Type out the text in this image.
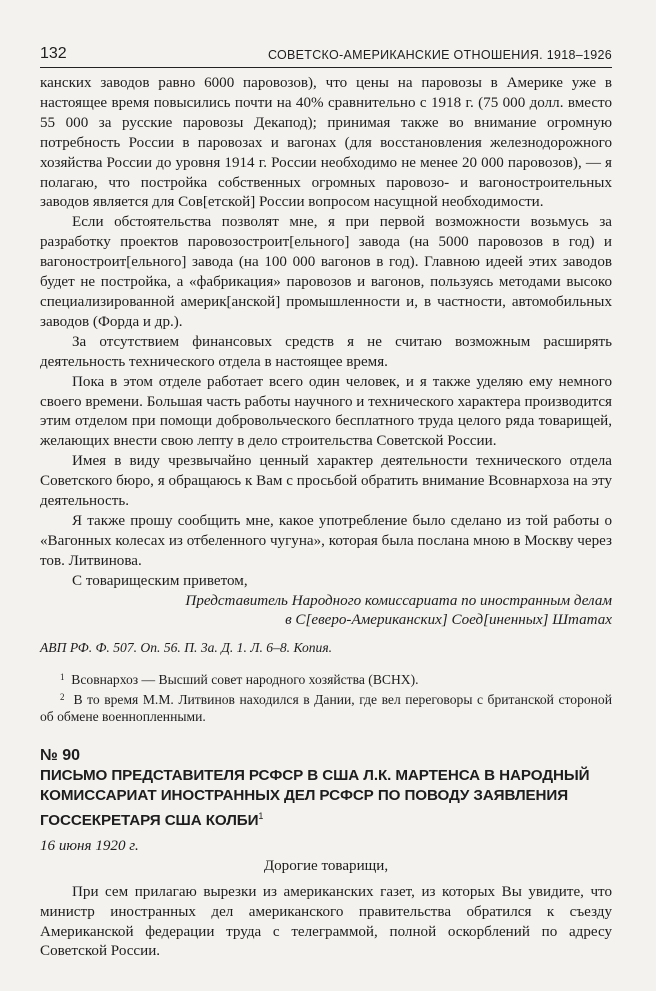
132	СОВЕТСКО-АМЕРИКАНСКИЕ ОТНОШЕНИЯ. 1918–1926

канских заводов равно 6000 паровозов), что цены на паровозы в Америке уже в настоящее время повысились почти на 40% сравнительно с 1918 г. (75 000 долл. вместо 55 000 за русские паровозы Декапод); принимая также во внимание огромную потребность России в паровозах и вагонах (для восстановления железнодорожного хозяйства России до уровня 1914 г. России необходимо не менее 20 000 паровозов), — я полагаю, что постройка собственных огромных паровозо- и вагоностроительных заводов является для Сов[етской] России вопросом насущной необходимости.

Если обстоятельства позволят мне, я при первой возможности возьмусь за разработку проектов паровозостроит[ельного] завода (на 5000 паровозов в год) и вагоностроит[ельного] завода (на 100 000 вагонов в год). Главною идеей этих заводов будет не постройка, а «фабрикация» паровозов и вагонов, пользуясь методами высоко специализированной америк[анской] промышленности и, в частности, автомобильных заводов (Форда и др.).

За отсутствием финансовых средств я не считаю возможным расширять деятельность технического отдела в настоящее время.

Пока в этом отделе работает всего один человек, и я также уделяю ему немного своего времени. Большая часть работы научного и технического характера производится этим отделом при помощи добровольческого бесплатного труда целого ряда товарищей, желающих внести свою лепту в дело строительства Советской России.

Имея в виду чрезвычайно ценный характер деятельности технического отдела Советского бюро, я обращаюсь к Вам с просьбой обратить внимание Всовнархоза на эту деятельность.

Я также прошу сообщить мне, какое употребление было сделано из той работы о «Вагонных колесах из отбеленного чугуна», которая была послана мною в Москву через тов. Литвинова.

С товарищеским приветом,

Представитель Народного комиссариата по иностранным делам

в С[еверо-Американских] Соед[иненных] Штатах

АВП РФ. Ф. 507. Оп. 56. П. 3а. Д. 1. Л. 6–8. Копия.

$^1$ Всовнархоз — Высший совет народного хозяйства (ВСНХ).

$^2$ В то время М.М. Литвинов находился в Дании, где вел переговоры с британской стороной об обмене военнопленными.

№ 90

ПИСЬМО ПРЕДСТАВИТЕЛЯ РСФСР В США Л.К. МАРТЕНСА В НАРОДНЫЙ КОМИССАРИАТ ИНОСТРАННЫХ ДЕЛ РСФСР ПО ПОВОДУ ЗАЯВЛЕНИЯ ГОССЕКРЕТАРЯ США КОЛБИ$^1$

16 июня 1920 г.

Дорогие товарищи,

При сем прилагаю вырезки из американских газет, из которых Вы увидите, что министр иностранных дел американского правительства обратился к съезду Американской федерации труда с телеграммой, полной оскорблений по адресу Советской России.
